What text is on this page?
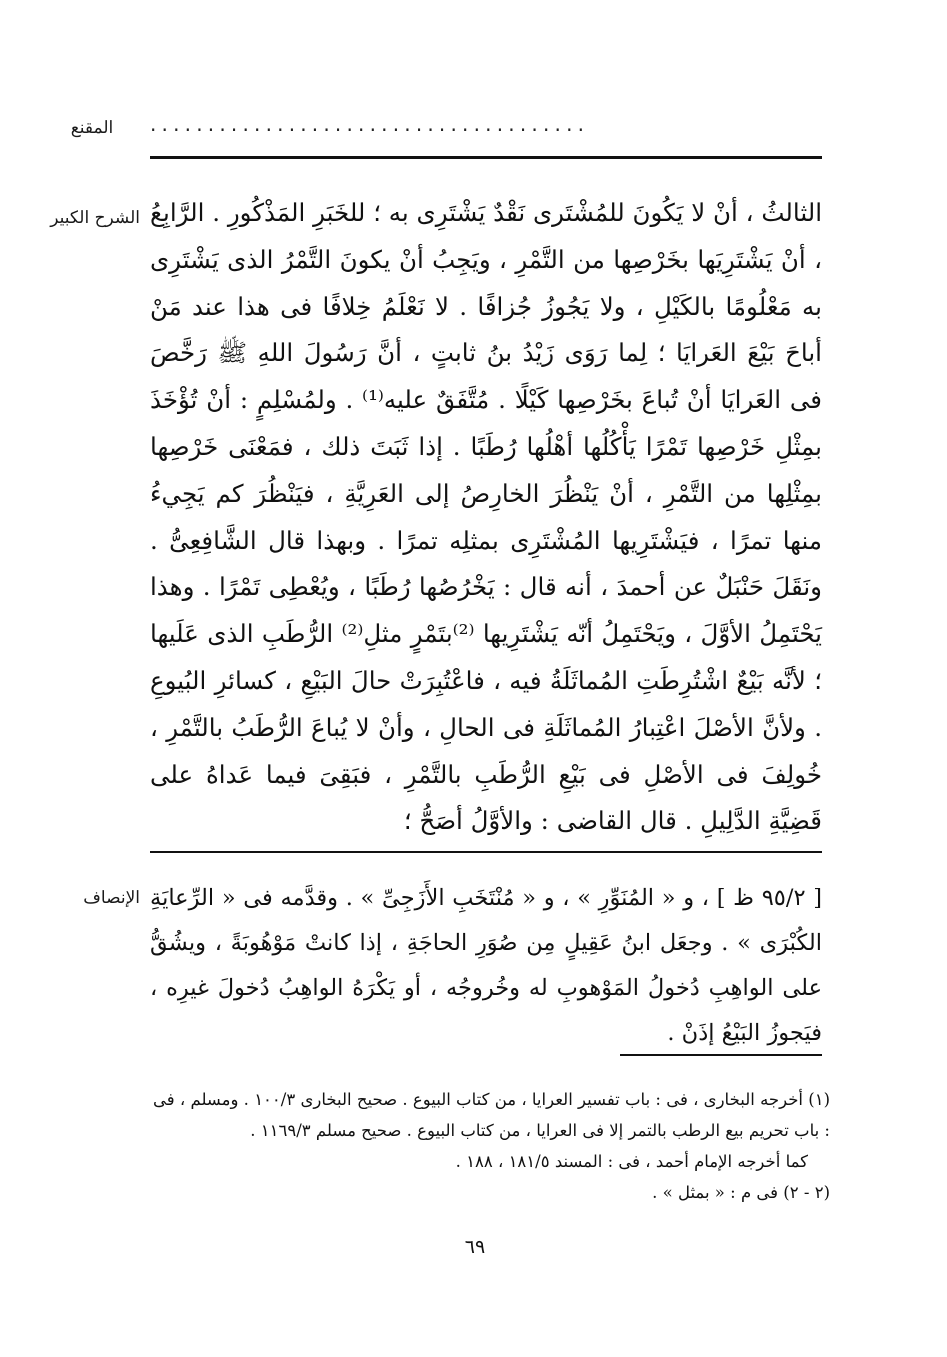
المقنع	......................................
الشرح الكبير الثالثُ ، أنْ لا يَكُونَ للمُشْتَرى نَقْدٌ يَشْتَرِى به ؛ للخَبَرِ المَذْكُورِ . الرَّابِعُ ، أنْ يَشْتَرِيَها بخَرْصِها من التَّمْرِ ، ويَجِبُ أنْ يكونَ التَّمْرُ الذى يَشْتَرِى به مَعْلُومًا بالكَيْلِ ، ولا يَجُوزُ جُزافًا . لا نَعْلَمُ خِلافًا فى هذا عند مَنْ أباحَ بَيْعَ العَرايَا ؛ لِما رَوَى زَيْدُ بنُ ثابتٍ ، أنَّ رَسُولَ اللهِ ﷺ رَخَّصَ فى العَرايَا أنْ تُباعَ بخَرْصِها كَيْلًا . مُتَّفَقٌ عليه⁽¹⁾ . ولمُسْلِمٍ : أنْ تُؤْخَذَ بمِثْلِ خَرْصِها تَمْرًا يَأْكُلُها أهْلُها رُطَبًا . إذا ثَبَتَ ذلك ، فمَعْنَى خَرْصِها بمِثْلِها من التَّمْرِ ، أنْ يَنْظُرَ الخارِصُ إلى العَرِيَّةِ ، فيَنْظُرَ كم يَجِيءُ منها تمرًا ، فيَشْتَرِيها المُشْتَرِى بمثلِه تمرًا . وبهذا قال الشَّافِعِىُّ . ونَقَلَ حَنْبَلٌ عن أحمدَ ، أنه قال : يَخْرُصُها رُطَبًا ، ويُعْطِى تَمْرًا . وهذا يَحْتَمِلُ الأوَّلَ ، ويَحْتَمِلُ أنّه يَشْتَرِيها ⁽²⁾بتَمْرٍ مثلِ⁽²⁾ الرُّطَبِ الذى عَلَيها ؛ لأنَّه بَيْعٌ اشْتُرِطَتِ المُماثَلَةُ فيه ، فاعْتُبِرَتْ حالَ البَيْعِ ، كسائرِ البُيوعِ . ولأنَّ الأصْلَ اعْتِبارُ المُماثَلَةِ فى الحالِ ، وأنْ لا يُباعَ الرُّطَبُ بالتَّمْرِ ، خُولِفَ فى الأصْلِ فى بَيْعِ الرُّطَبِ بالتَّمْرِ ، فبَقِىَ فيما عَداهُ على قَضِيَّةِ الدَّلِيلِ . قال القاضى : والأوَّلُ أصَحُّ ؛

الإنصاف [ ٩٥/٢ ظ ] ، و « المُنَوِّرِ » ، و « مُنْتَخَبِ الأَزَجِىِّ » . وقدَّمه فى « الرِّعايَةِ الكُبْرَى » . وجعَل ابنُ عَقِيلٍ مِن صُوَرِ الحاجَةِ ، إذا كانتْ مَوْهُوبَةً ، ويشُقُّ على الواهِبِ دُخولُ المَوْهوبِ له وخُروجُه ، أو يَكْرَهُ الواهِبُ دُخولَ غيرِه ، فيَجوزُ البَيْعُ إذَنْ .

(١) أخرجه البخارى ، فى : باب تفسير العرايا ، من كتاب البيوع . صحيح البخارى ١٠٠/٣ . ومسلم ، فى : باب تحريم بيع الرطب بالتمر إلا فى العرايا ، من كتاب البيوع . صحيح مسلم ١١٦٩/٣ .

كما أخرجه الإمام أحمد ، فى : المسند ١٨١/٥ ، ١٨٨ .

(٢ - ٢) فى م : « بمثل » .

٦٩
